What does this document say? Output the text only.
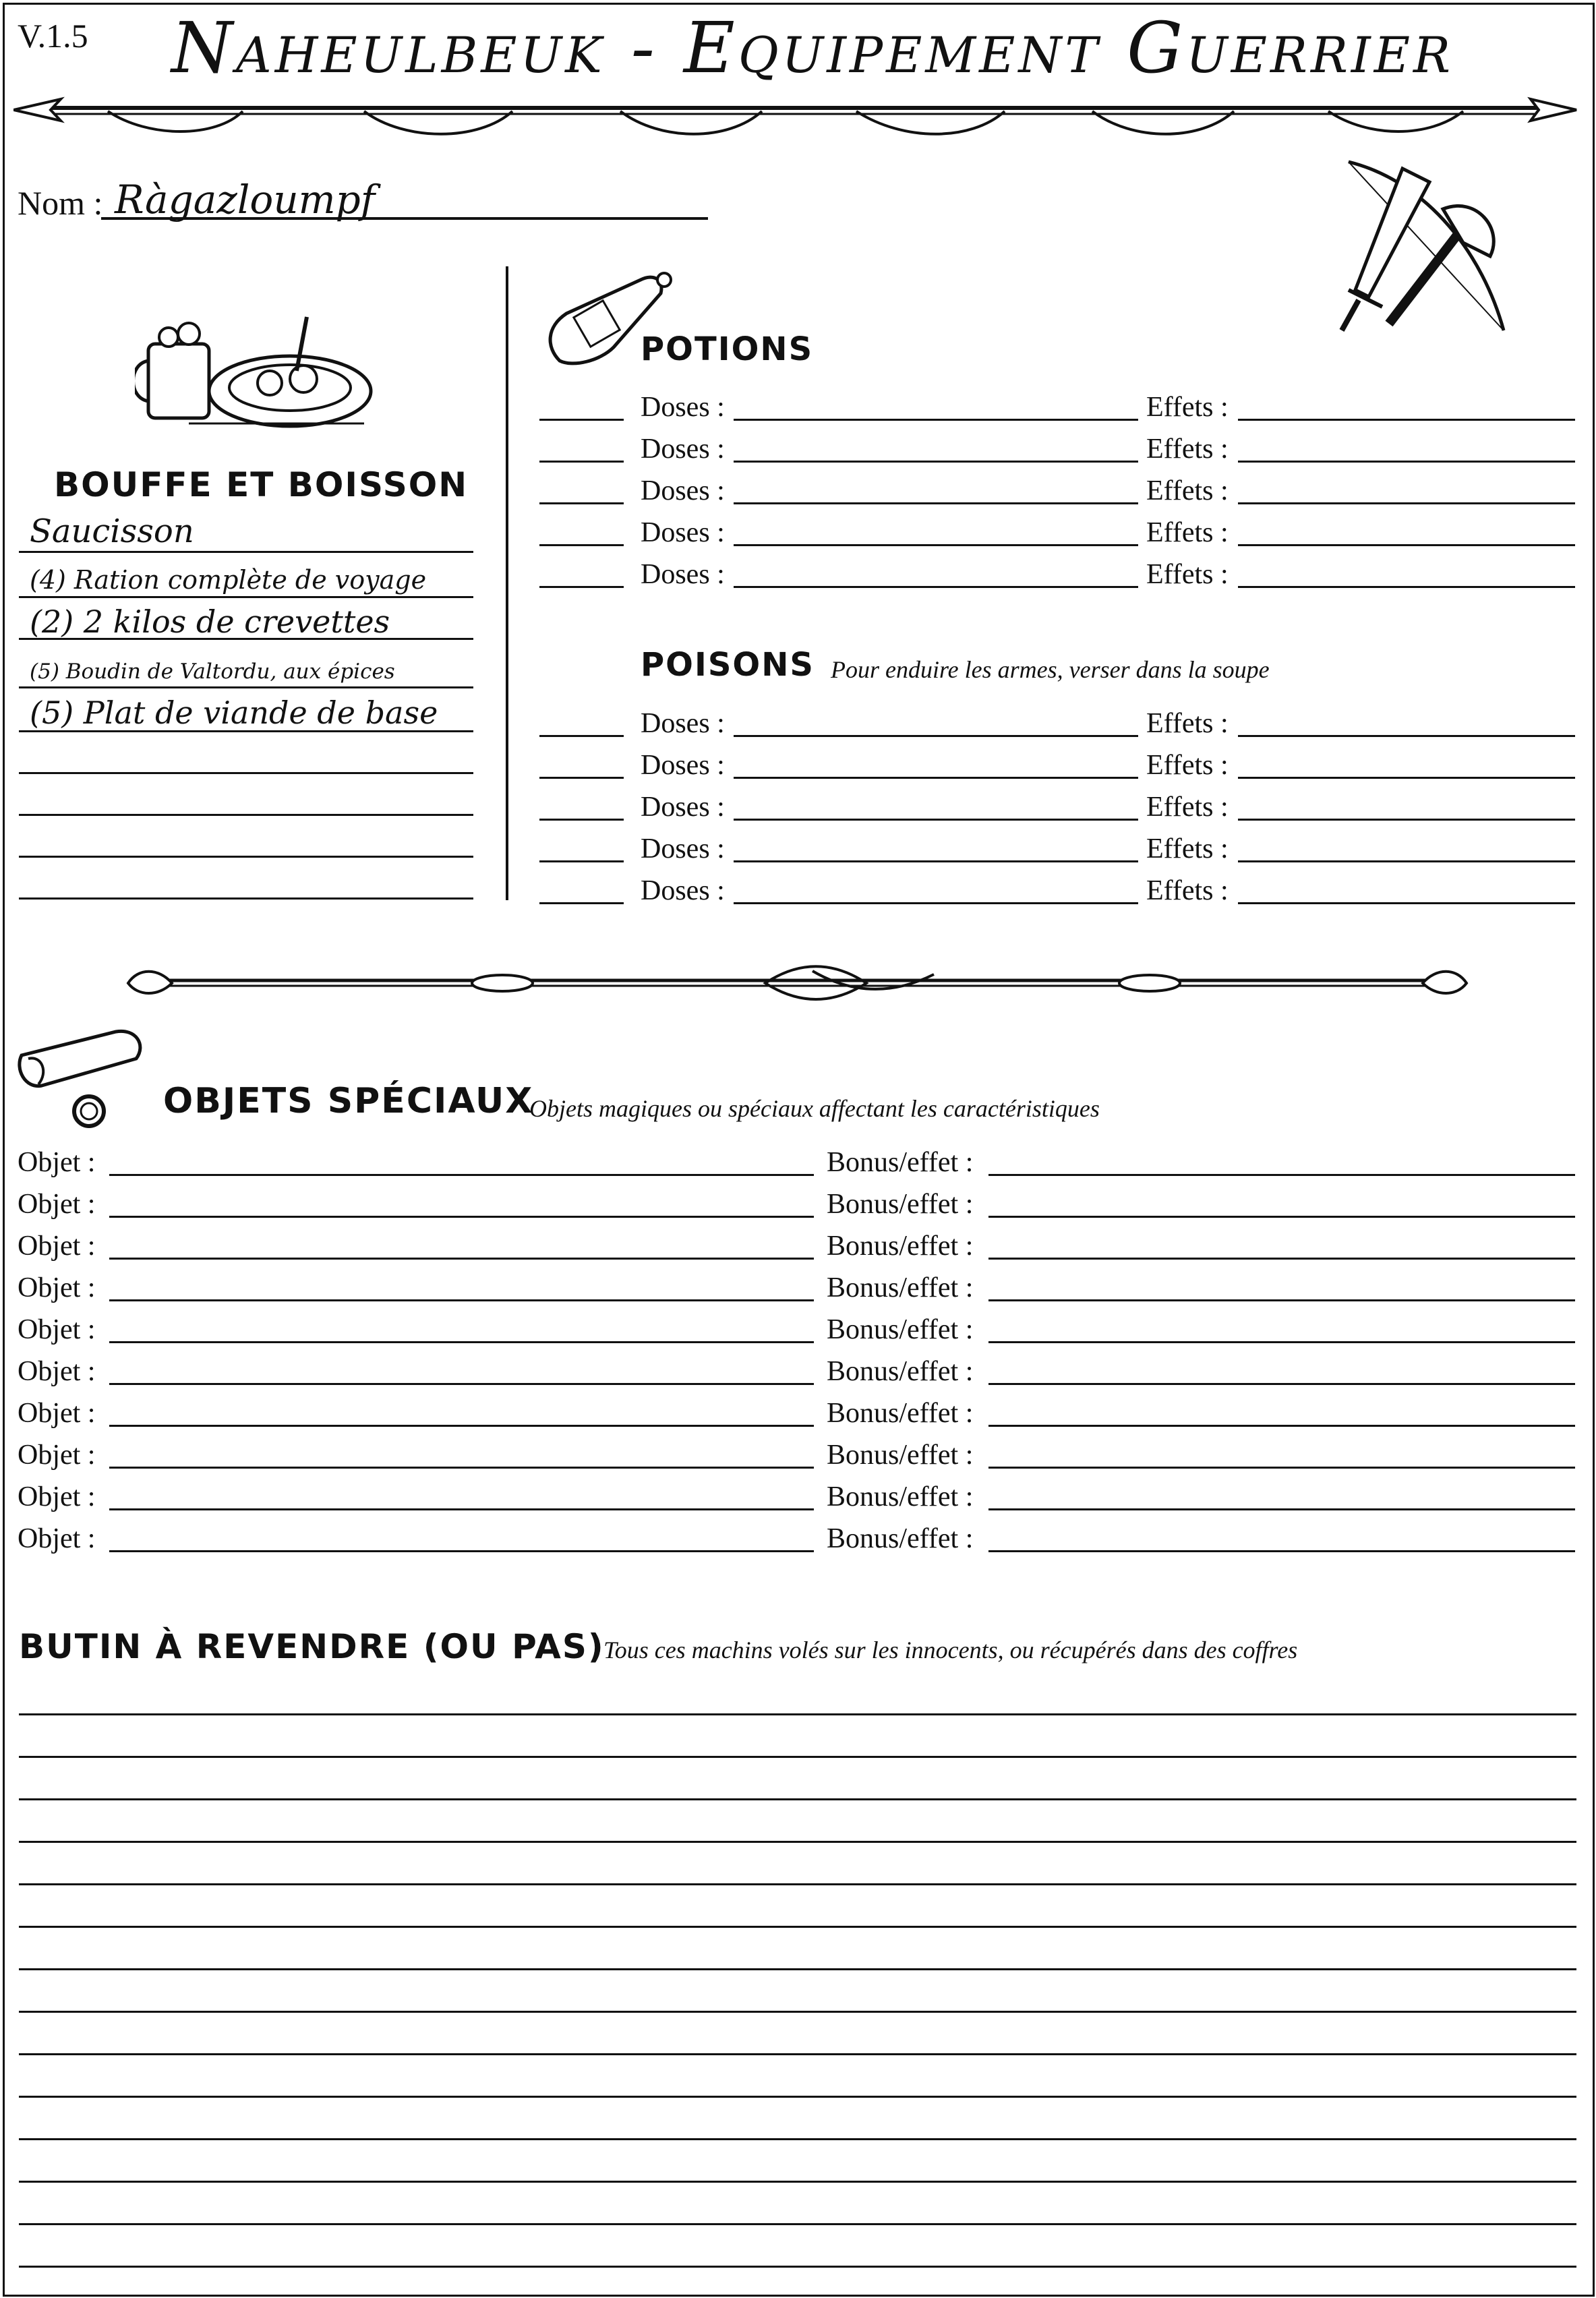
V.1.5 Naheulbeuk - Equipement Guerrier
Nom : Ràgazloumpf
BOUFFE ET BOISSON
Saucisson
(4) Ration complète de voyage
(2) 2 kilos de crevettes
(5) Boudin de Valtordu, aux épices
(5) Plat de viande de base
POTIONS
Doses :	Effets :
Doses :	Effets :
Doses :	Effets :
Doses :	Effets :
Doses :	Effets :
POISONS Pour enduire les armes, verser dans la soupe
Doses :	Effets :
Doses :	Effets :
Doses :	Effets :
Doses :	Effets :
Doses :	Effets :
OBJETS SPÉCIAUX
Objets magiques ou spéciaux affectant les caractéristiques
Objet :	Bonus/effet :
Objet :	Bonus/effet :
Objet :	Bonus/effet :
Objet :	Bonus/effet :
Objet :	Bonus/effet :
Objet :	Bonus/effet :
Objet :	Bonus/effet :
Objet :	Bonus/effet :
Objet :	Bonus/effet :
Objet :	Bonus/effet :
BUTIN À REVENDRE (OU PAS)
Tous ces machins volés sur les innocents, ou récupérés dans des coffres
